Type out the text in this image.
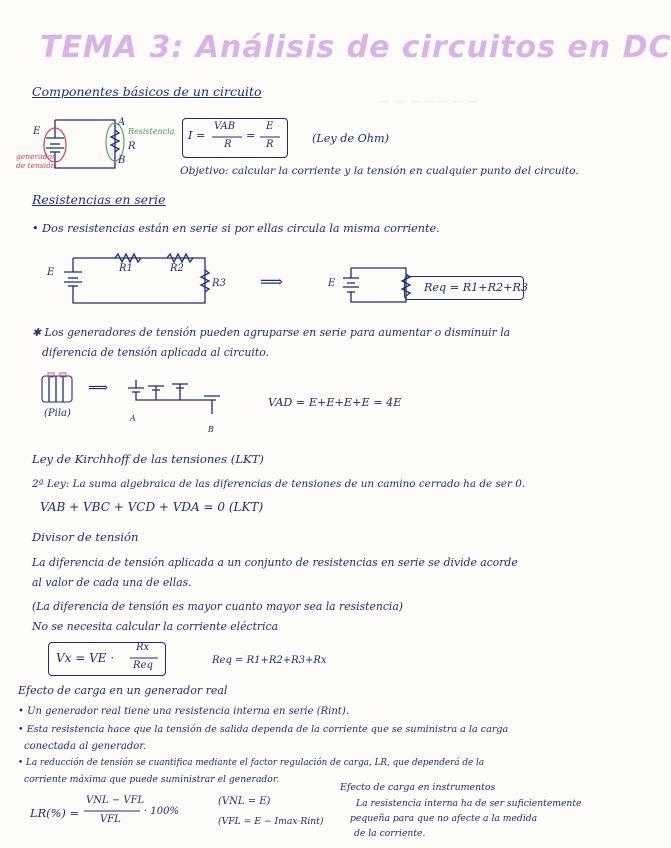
TEMA 3: Análisis de circuitos en DC
Componentes básicos de un circuito
E
A
B
R
Resistencia
generador de tensión
I =
VAB
R
=
E
R	(Ley de Ohm)
Objetivo: calcular la corriente y la tensión en cualquier punto del circuito.
— — — — — — —
Resistencias en serie
• Dos resistencias están en serie si por ellas circula la misma corriente.
E	R1	R2
R3 ⟹	E	Req = R1+R2+R3
✱ Los generadores de tensión pueden agruparse en serie para aumentar o disminuir la
diferencia de tensión aplicada al circuito.
(Pila)
⟹
A
B
VAD = E+E+E+E = 4E
Ley de Kirchhoff de las tensiones (LKT)
2ª Ley: La suma algebraica de las diferencias de tensiones de un camino cerrado ha de ser 0.
VAB + VBC + VCD + VDA = 0 (LKT)
Divisor de tensión
La diferencia de tensión aplicada a un conjunto de resistencias en serie se divide acorde
al valor de cada una de ellas.
(La diferencia de tensión es mayor cuanto mayor sea la resistencia)
No se necesita calcular la corriente eléctrica
Vx = VE ·
Rx
Req	Req = R1+R2+R3+Rx
Efecto de carga en un generador real
• Un generador real tiene una resistencia interna en serie (Rint).
• Esta resistencia hace que la tensión de salida dependa de la corriente que se suministra a la carga
conectada al generador.
• La reducción de tensión se cuantifica mediante el factor regulación de carga, LR, que dependerá de la
corriente máxima que puede suministrar el generador.
LR(%) =
VNL − VFL
VFL
· 100%
(VNL = E)
(VFL = E − Imax·Rint)
Efecto de carga en instrumentos
La resistencia interna ha de ser suficientemente
pequeña para que no afecte a la medida
de la corriente.
